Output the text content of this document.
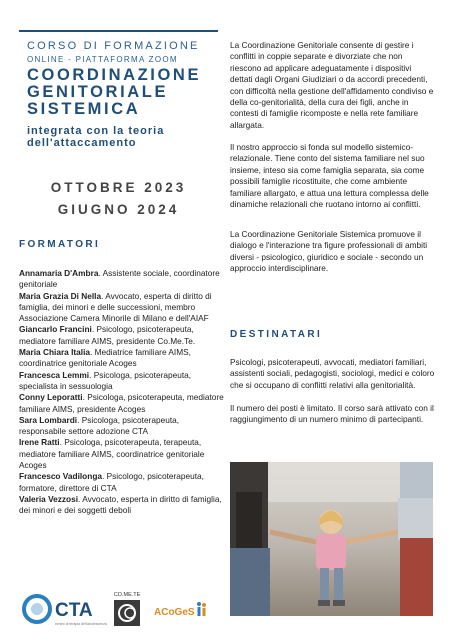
CORSO DI FORMAZIONE
ONLINE - PIATTAFORMA ZOOM
COORDINAZIONE
GENITORIALE
SISTEMICA
integrata con la teoria
dell'attaccamento
OTTOBRE 2023
GIUGNO 2024
FORMATORI
Annamaria D'Ambra. Assistente sociale, coordinatore genitoriale
Maria Grazia Di Nella. Avvocato, esperta di diritto di famiglia, dei minori e delle successioni, membro Associazione Camera Minorile di Milano e dell'AIAF
Giancarlo Francini. Psicologo, psicoterapeuta, mediatore familiare AIMS, presidente Co.Me.Te.
Maria Chiara Italia. Mediatrice familiare AIMS, coordinatrice genitoriale Acoges
Francesca Lemmi. Psicologa, psicoterapeuta, specialista in sessuologia
Conny Leporatti. Psicologa, psicoterapeuta, mediatore familiare AIMS, presidente Acoges
Sara Lombardi. Psicologa, psicoterapeuta, responsabile settore adozione CTA
Irene Ratti. Psicologa, psicoterapeuta, terapeuta, mediatore familiare AIMS, coordinatrice genitoriale Acoges
Francesco Vadilonga. Psicologo, psicoterapeuta, formatore, direttore di CTA
Valeria Vezzosi. Avvocato, esperta in diritto di famiglia, dei minori e dei soggetti deboli

La Coordinazione Genitoriale consente di gestire i conflitti in coppie separate e divorziate che non riescono ad applicare adeguatamente i dispositivi dettati dagli Organi Giudiziari o da accordi precedenti, con difficoltà nella gestione dell'affidamento condiviso e della co-genitorialità, della cura dei figli, anche in contesti di famiglie ricomposte e nella rete familiare allargata.

Il nostro approccio si fonda sul modello sistemico-relazionale. Tiene conto del sistema familiare nel suo insieme, inteso sia come famiglia separata, sia come possibili famiglie ricostituite, che come ambiente familiare allargato, e attua una lettura complessa delle dinamiche relazionali che ruotano intorno ai conflitti.

La Coordinazione Genitoriale Sistemica promuove il dialogo e l'interazione tra figure professionali di ambiti diversi - psicologico, giuridico e sociale - secondo un approccio interdisciplinare.

DESTINATARI

Psicologi, psicoterapeuti, avvocati, mediatori familiari, assistenti sociali, pedagogisti, sociologi, medici e coloro che si occupano di conflitti relativi alla genitorialità.

Il numero dei posti è limitato. Il corso sarà attivato con il raggiungimento di un numero minimo di partecipanti.

CTA
centro di terapia dell'adolescenza
CO.ME.TE
ACoGeS
